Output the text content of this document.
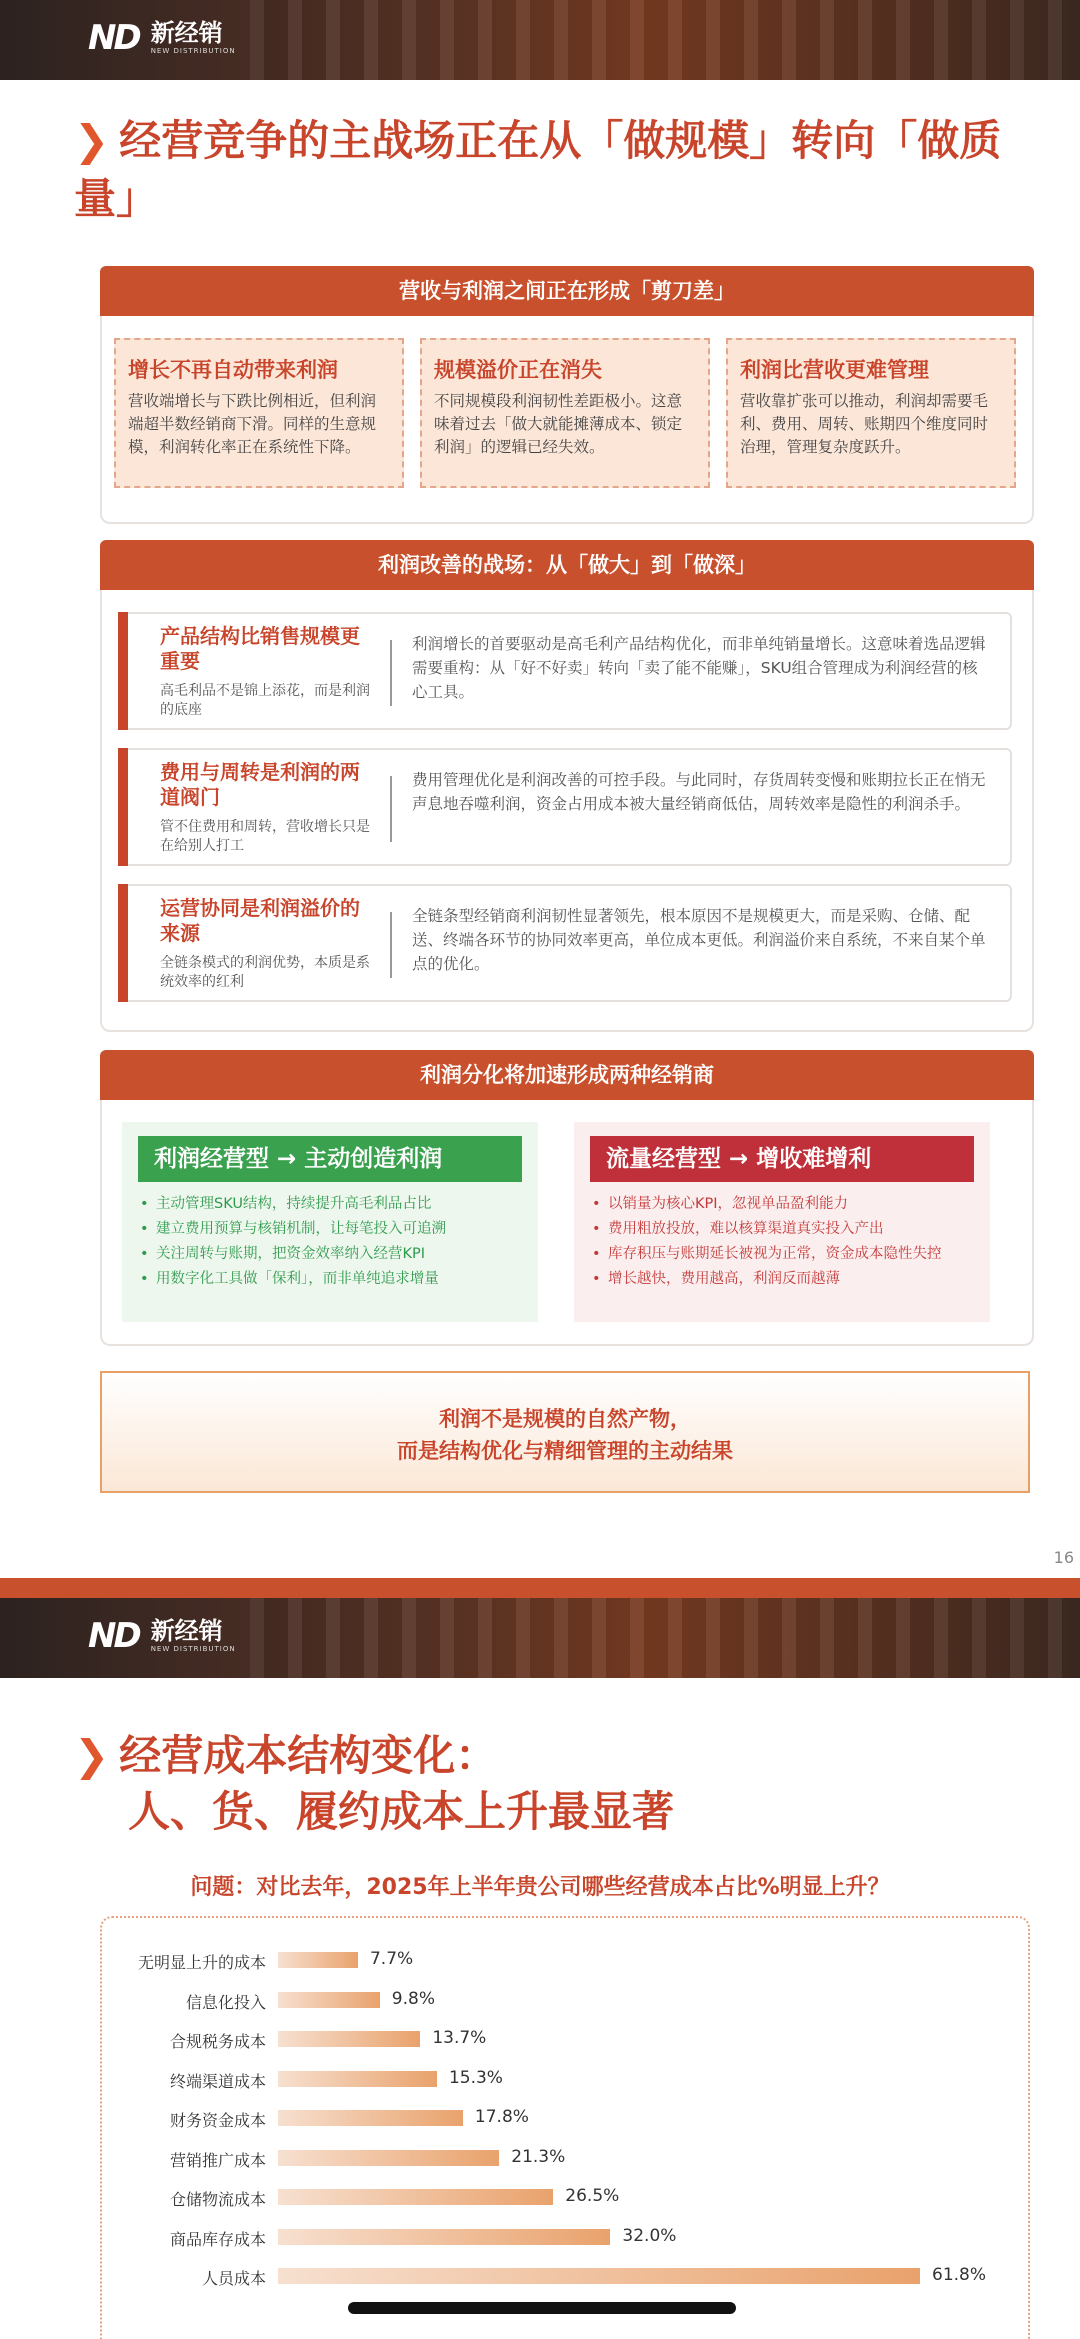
ND 新经销
NEW DISTRIBUTION
❯ 经营竞争的主战场正在从「做规模」转向「做质量」
营收与利润之间正在形成「剪刀差」
增长不再自动带来利润
营收端增长与下跌比例相近，但利润端超半数经销商下滑。同样的生意规模，利润转化率正在系统性下降。
规模溢价正在消失
不同规模段利润韧性差距极小。这意味着过去「做大就能摊薄成本、锁定利润」的逻辑已经失效。
利润比营收更难管理
营收靠扩张可以推动，利润却需要毛利、费用、周转、账期四个维度同时治理，管理复杂度跃升。
利润改善的战场：从「做大」到「做深」
产品结构比销售规模更重要
高毛利品不是锦上添花，而是利润的底座
利润增长的首要驱动是高毛利产品结构优化，而非单纯销量增长。这意味着选品逻辑需要重构：从「好不好卖」转向「卖了能不能赚」，SKU组合管理成为利润经营的核心工具。
费用与周转是利润的两道阀门
管不住费用和周转，营收增长只是在给别人打工
费用管理优化是利润改善的可控手段。与此同时，存货周转变慢和账期拉长正在悄无声息地吞噬利润，资金占用成本被大量经销商低估，周转效率是隐性的利润杀手。
运营协同是利润溢价的来源
全链条模式的利润优势，本质是系统效率的红利
全链条型经销商利润韧性显著领先，根本原因不是规模更大，而是采购、仓储、配送、终端各环节的协同效率更高，单位成本更低。利润溢价来自系统，不来自某个单点的优化。
利润分化将加速形成两种经销商
利润经营型 → 主动创造利润
• 主动管理SKU结构，持续提升高毛利品占比
• 建立费用预算与核销机制，让每笔投入可追溯
• 关注周转与账期，把资金效率纳入经营KPI
• 用数字化工具做「保利」，而非单纯追求增量
流量经营型 → 增收难增利
• 以销量为核心KPI，忽视单品盈利能力
• 费用粗放投放，难以核算渠道真实投入产出
• 库存积压与账期延长被视为正常，资金成本隐性失控
• 增长越快，费用越高，利润反而越薄
利润不是规模的自然产物，
而是结构优化与精细管理的主动结果
16
ND 新经销
NEW DISTRIBUTION
❯ 经营成本结构变化：
人、货、履约成本上升最显著
问题：对比去年，2025年上半年贵公司哪些经营成本占比%明显上升？
无明显上升的成本	7.7%
信息化投入	9.8%
合规税务成本	13.7%
终端渠道成本	15.3%
财务资金成本	17.8%
营销推广成本	21.3%
仓储物流成本	26.5%
商品库存成本	32.0%
人员成本	61.8%
